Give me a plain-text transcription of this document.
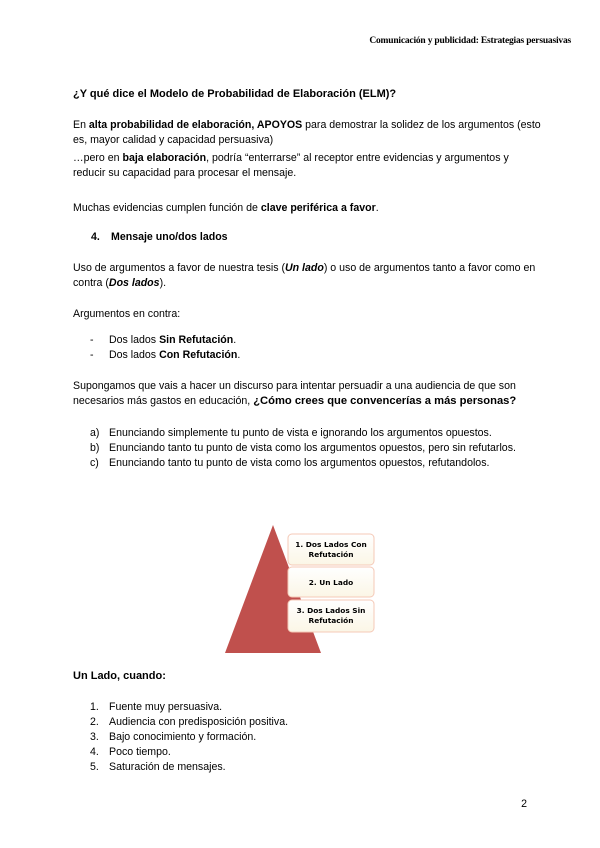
Comunicación y publicidad: Estrategias persuasivas

¿Y qué dice el Modelo de Probabilidad de Elaboración (ELM)?

En alta probabilidad de elaboración, APOYOS para demostrar la solidez de los argumentos (esto es, mayor calidad y capacidad persuasiva)

…pero en baja elaboración, podría “enterrarse” al receptor entre evidencias y argumentos y reducir su capacidad para procesar el mensaje.

Muchas evidencias cumplen función de clave periférica a favor.

4. Mensaje uno/dos lados

Uso de argumentos a favor de nuestra tesis (Un lado) o uso de argumentos tanto a favor como en contra (Dos lados).

Argumentos en contra:

- Dos lados Sin Refutación.
- Dos lados Con Refutación.

Supongamos que vais a hacer un discurso para intentar persuadir a una audiencia de que son necesarios más gastos en educación, ¿Cómo crees que convencerías a más personas?

a) Enunciando simplemente tu punto de vista e ignorando los argumentos opuestos.
b) Enunciando tanto tu punto de vista como los argumentos opuestos, pero sin refutarlos.
c) Enunciando tanto tu punto de vista como los argumentos opuestos, refutandolos.
1. Dos Lados Con
Refutación
2. Un Lado
3. Dos Lados Sin
Refutación

Un Lado, cuando:

1. Fuente muy persuasiva.
2. Audiencia con predisposición positiva.
3. Bajo conocimiento y formación.
4. Poco tiempo.
5. Saturación de mensajes.
2
